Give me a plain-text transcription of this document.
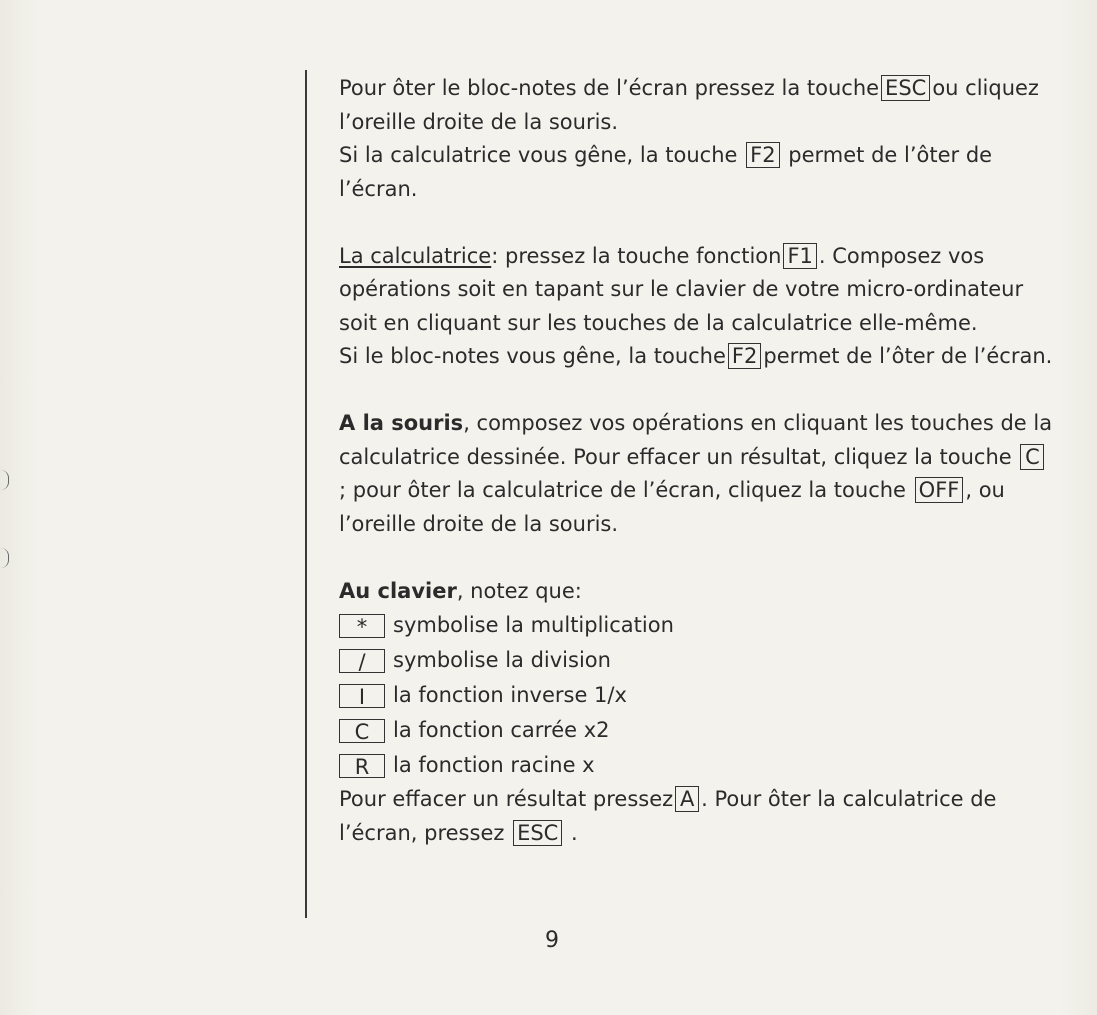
Pour ôter le bloc-notes de l’écran pressez la touche ESC ou cliquez l’oreille droite de la souris.

Si la calculatrice vous gêne, la touche F2 permet de l’ôter de l’écran.

La calculatrice: pressez la touche fonction F1 . Composez vos opérations soit en tapant sur le clavier de votre micro-ordinateur soit en cliquant sur les touches de la calculatrice elle-même.

Si le bloc-notes vous gêne, la touche F2 permet de l’ôter de l’écran.

A la souris, composez vos opérations en cliquant les touches de la calculatrice dessinée. Pour effacer un résultat, cliquez la touche C ; pour ôter la calculatrice de l’écran, cliquez la touche OFF , ou l’oreille droite de la souris.

Au clavier, notez que:

*	symbolise la multiplication
/	symbolise la division
I	la fonction inverse 1/x
C	la fonction carrée x2
R	la fonction racine x

Pour effacer un résultat pressez A . Pour ôter la calculatrice de l’écran, pressez ESC .

9
